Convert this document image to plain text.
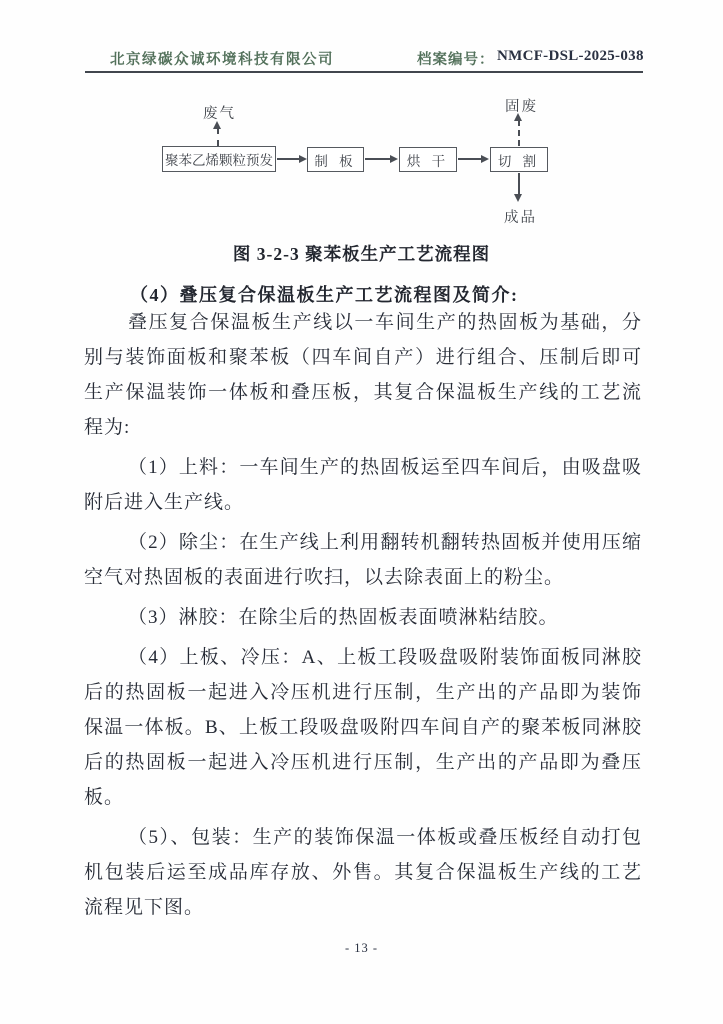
北京绿碳众诚环境科技有限公司	档案编号： NMCF-DSL-2025-038
废气
聚苯乙烯颗粒预发	制 板	烘 干	切 割
固废
成品
图 3-2-3 聚苯板生产工艺流程图
（4）叠压复合保温板生产工艺流程图及简介:

叠压复合保温板生产线以一车间生产的热固板为基础，分别与装饰面板和聚苯板（四车间自产）进行组合、压制后即可生产保温装饰一体板和叠压板，其复合保温板生产线的工艺流程为:

（1）上料：一车间生产的热固板运至四车间后，由吸盘吸附后进入生产线。

（2）除尘：在生产线上利用翻转机翻转热固板并使用压缩空气对热固板的表面进行吹扫，以去除表面上的粉尘。

（3）淋胶：在除尘后的热固板表面喷淋粘结胶。

（4）上板、冷压：A、上板工段吸盘吸附装饰面板同淋胶后的热固板一起进入冷压机进行压制，生产出的产品即为装饰保温一体板。B、上板工段吸盘吸附四车间自产的聚苯板同淋胶后的热固板一起进入冷压机进行压制，生产出的产品即为叠压板。

（5）、包装：生产的装饰保温一体板或叠压板经自动打包机包装后运至成品库存放、外售。其复合保温板生产线的工艺流程见下图。

- 13 -
